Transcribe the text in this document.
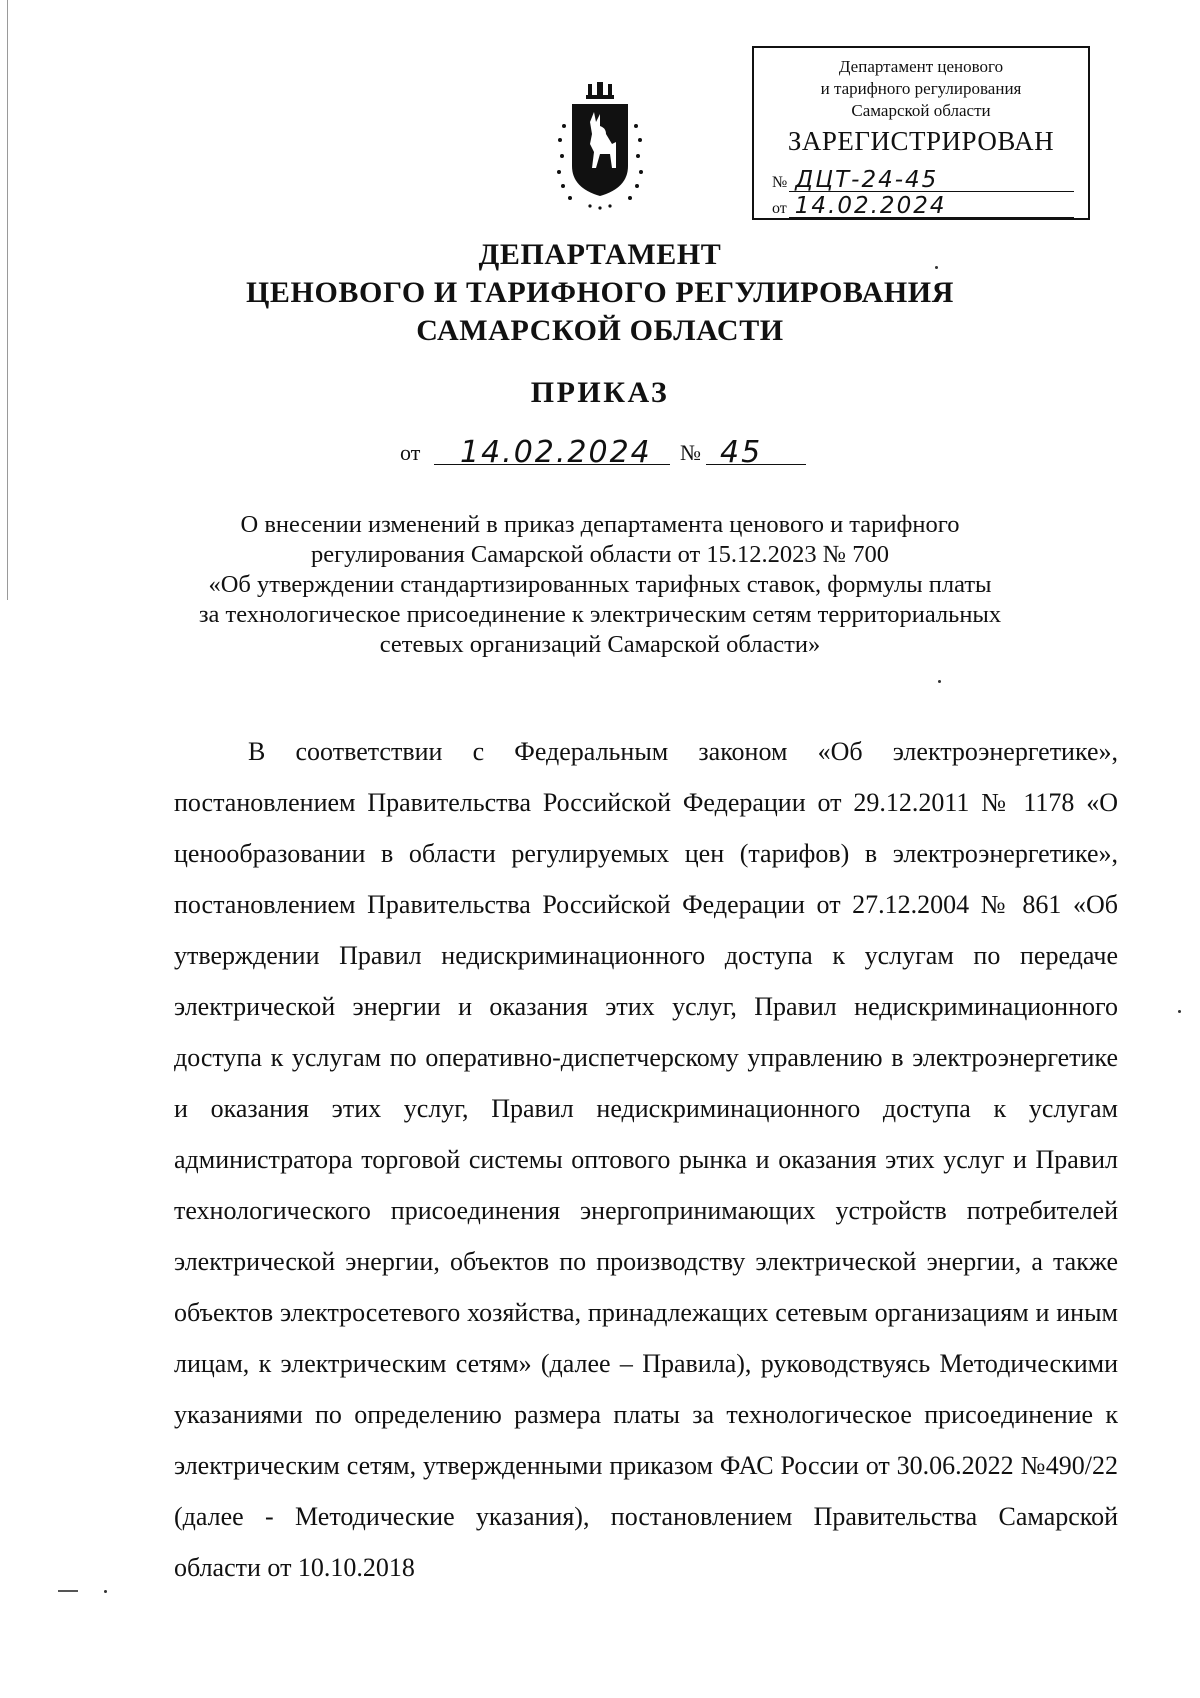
Департамент ценового
и тарифного регулирования
Самарской области
ЗАРЕГИСТРИРОВАН
№ ДЦТ-24-45
от 14.02.2024
ДЕПАРТАМЕНТ
ЦЕНОВОГО И ТАРИФНОГО РЕГУЛИРОВАНИЯ
САМАРСКОЙ ОБЛАСТИ
ПРИКАЗ
от 14.02.2024 № 45
О внесении изменений в приказ департамента ценового и тарифного
регулирования Самарской области от 15.12.2023 № 700
«Об утверждении стандартизированных тарифных ставок, формулы платы
за технологическое присоединение к электрическим сетям территориальных
сетевых организаций Самарской области»

В соответствии с Федеральным законом «Об электроэнергетике», постановлением Правительства Российской Федерации от 29.12.2011 № 1178 «О ценообразовании в области регулируемых цен (тарифов) в электроэнергетике», постановлением Правительства Российской Федерации от 27.12.2004 № 861 «Об утверждении Правил недискриминационного доступа к услугам по передаче электрической энергии и оказания этих услуг, Правил недискриминационного доступа к услугам по оперативно-диспетчерскому управлению в электроэнергетике и оказания этих услуг, Правил недискриминационного доступа к услугам администратора торговой системы оптового рынка и оказания этих услуг и Правил технологического присоединения энергопринимающих устройств потребителей электрической энергии, объектов по производству электрической энергии, а также объектов электросетевого хозяйства, принадлежащих сетевым организациям и иным лицам, к электрическим сетям» (далее – Правила), руководствуясь Методическими указаниями по определению размера платы за технологическое присоединение к электрическим сетям, утвержденными приказом ФАС России от 30.06.2022 №490/22 (далее - Методические указания), постановлением Правительства Самарской области от 10.10.2018
